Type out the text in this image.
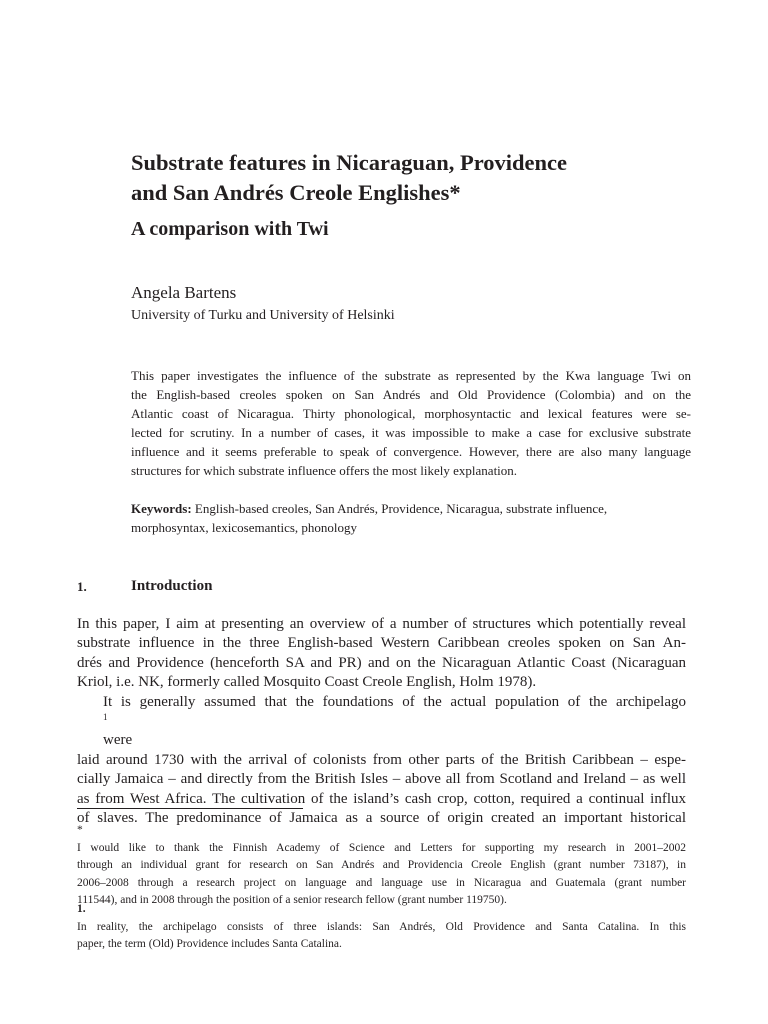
Substrate features in Nicaraguan, Providence
and San Andrés Creole Englishes*
A comparison with Twi
Angela Bartens
University of Turku and University of Helsinki
This paper investigates the influence of the substrate as represented by the Kwa language Twi on
the English-based creoles spoken on San Andrés and Old Providence (Colombia) and on the
Atlantic coast of Nicaragua. Thirty phonological, morphosyntactic and lexical features were se-
lected for scrutiny. In a number of cases, it was impossible to make a case for exclusive substrate
influence and it seems preferable to speak of convergence. However, there are also many language
structures for which substrate influence offers the most likely explanation.
Keywords: English-based creoles, San Andrés, Providence, Nicaragua, substrate influence,
morphosyntax, lexicosemantics, phonology
1.	Introduction
In this paper, I aim at presenting an overview of a number of structures which potentially reveal
substrate influence in the three English-based Western Caribbean creoles spoken on San An-
drés and Providence (henceforth SA and PR) and on the Nicaraguan Atlantic Coast (Nicaraguan
Kriol, i.e. NK, formerly called Mosquito Coast Creole English, Holm 1978).
It is generally assumed that the foundations of the actual population of the archipelago
$^1$
were
laid around 1730 with the arrival of colonists from other parts of the British Caribbean – espe-
cially Jamaica – and directly from the British Isles – above all from Scotland and Ireland – as well
as from West Africa. The cultivation of the island’s cash crop, cotton, required a continual influx
of slaves. The predominance of Jamaica as a source of origin created an important historical
*
I would like to thank the Finnish Academy of Science and Letters for supporting my research in 2001–2002
through an individual grant for research on San Andrés and Providencia Creole English (grant number 73187), in
2006–2008 through a research project on language and language use in Nicaragua and Guatemala (grant number
111544), and in 2008 through the position of a senior research fellow (grant number 119750).
1.
In reality, the archipelago consists of three islands: San Andrés, Old Providence and Santa Catalina. In this
paper, the term (Old) Providence includes Santa Catalina.
